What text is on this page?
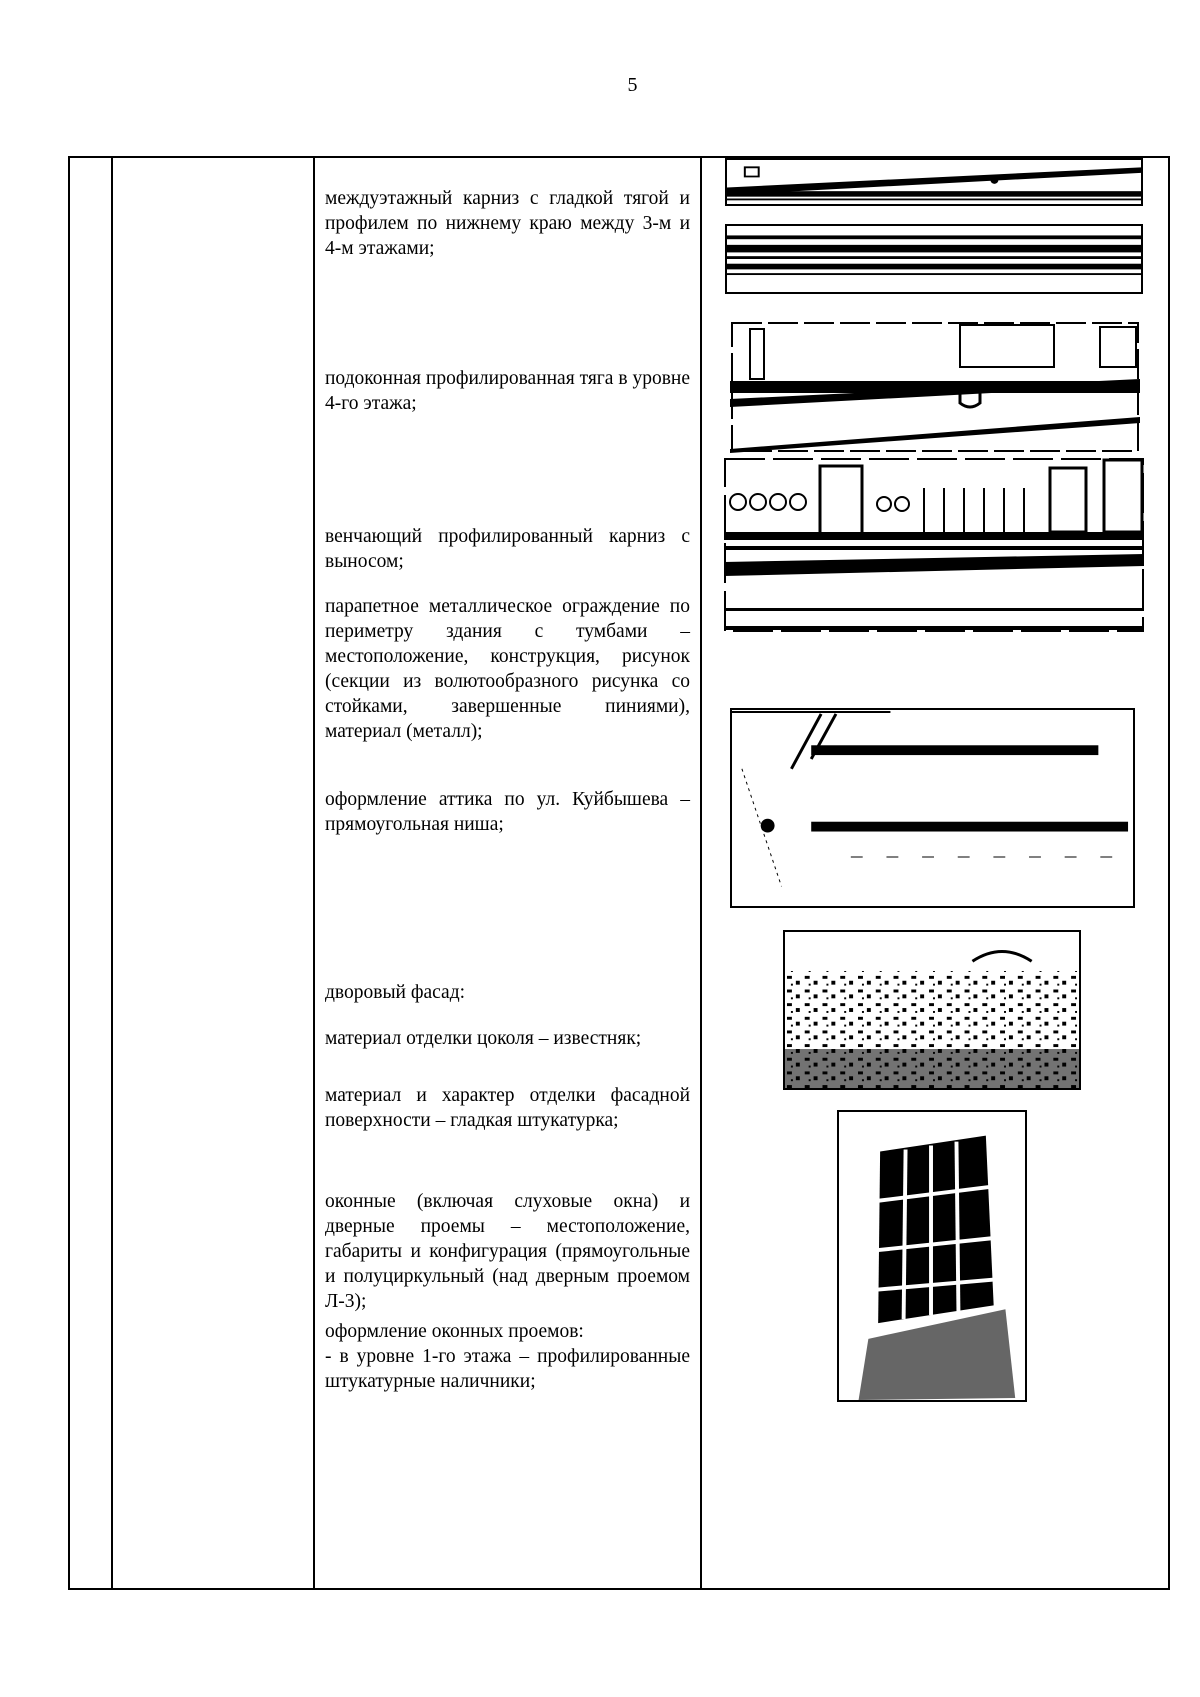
5

междуэтажный карниз с гладкой тягой и профилем по нижнему краю между 3-м и 4-м этажами;

подоконная профилированная тяга в уровне 4-го этажа;

венчающий профилированный карниз с выносом;

парапетное металлическое ограждение по периметру здания с тумбами – местоположение, конструкция, рисунок (секции из волютообразного рисунка со стойками, завершенные пиниями), материал (металл);

оформление аттика по ул. Куйбышева – прямоугольная ниша;

дворовый фасад:

материал отделки цоколя – известняк;

материал и характер отделки фасадной поверхности – гладкая штукатурка;

оконные (включая слуховые окна) и дверные проемы – местоположение, габариты и конфигурация (прямоугольные и полуциркульный (над дверным проемом Л-3);

оформление оконных проемов:

- в уровне 1-го этажа – профилированные штукатурные наличники;
